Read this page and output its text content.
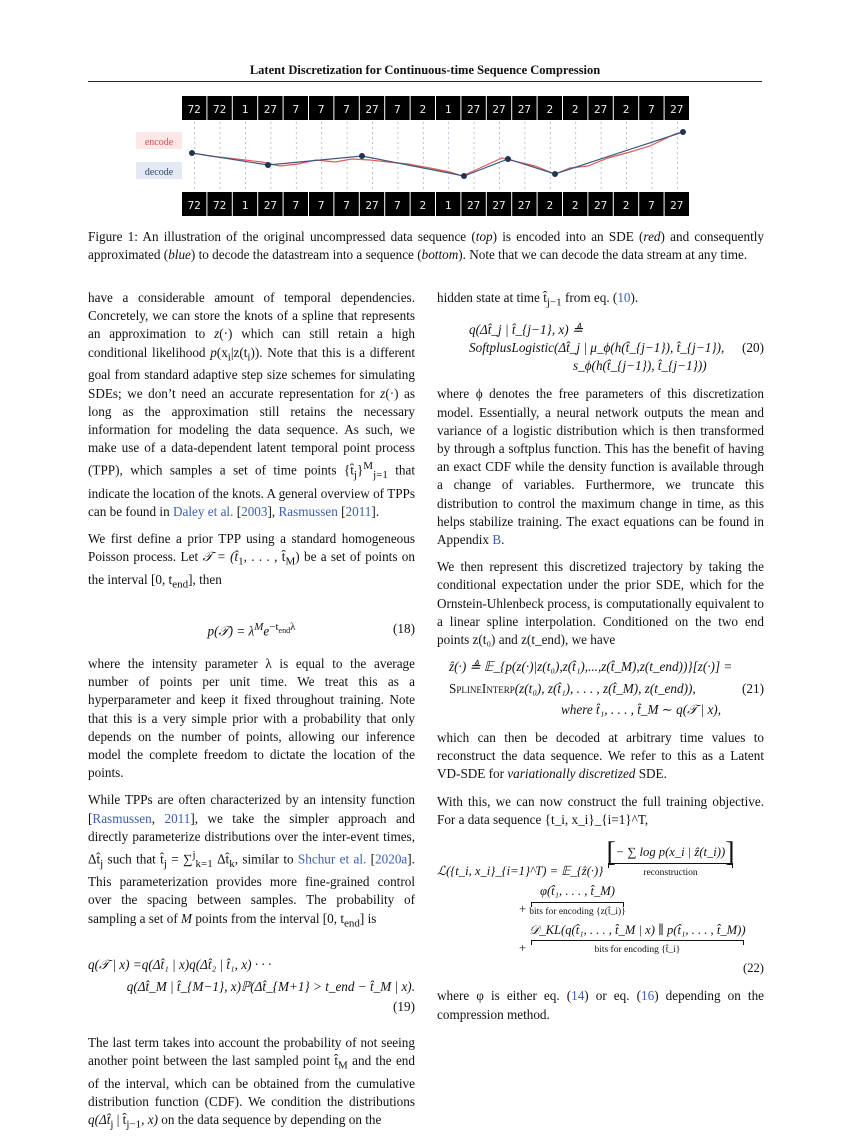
Latent Discretization for Continuous-time Sequence Compression
72 72 1 27 7 7 7 27 7 2 1 27 27 27 2 2 27 2 7 27
72 72 1 27 7 7 7 27 7 2 1 27 27 27 2 2 27 2 7 27
encode
decode
Figure 1: An illustration of the original uncompressed data sequence (top) is encoded into an SDE (red) and consequently approximated (blue) to decode the datastream into a sequence (bottom). Note that we can decode the data stream at any time.

have a considerable amount of temporal dependencies. Concretely, we can store the knots of a spline that represents an approximation to z(·) which can still retain a high conditional likelihood $p(x_i|z(t_i))$. Note that this is a different goal from standard adaptive step size schemes for simulating SDEs; we don’t need an accurate representation for z(·) as long as the approximation still retains the necessary information for modeling the data sequence. As such, we make use of a data-dependent latent temporal point process (TPP), which samples a set of time points $\{t̂_j\}^M_{j=1}$ that indicate the location of the knots. A general overview of TPPs can be found in Daley et al. [2003], Rasmussen [2011].

We first define a prior TPP using a standard homogeneous Poisson process. Let 𝒯 = ($t̂_1$, . . . , $t̂_M$) be a set of points on the interval [0, $t_{end}$], then

p(𝒯) = $\lambda^Me^{-t_{end}\lambda}$	(18)

where the intensity parameter λ is equal to the average number of points per unit time. We treat this as a hyperparameter and keep it fixed throughout training. Note that this is a very simple prior with a probability that only depends on the number of points, allowing our inference model the complete freedom to dictate the location of the points.

While TPPs are often characterized by an intensity function [Rasmussen, 2011], we take the simpler approach and directly parameterize distributions over the inter-event times, $\Delta t̂_j$ such that $t̂_j = \sum^j_{k=1}$ $\Delta t̂_k$, similar to Shchur et al. [2020a]. This parameterization provides more fine-grained control over the spacing between samples. The probability of sampling a set of M points from the interval [0, $t_{end}$] is

q(𝒯 | x) =q(Δt̂₁ | x)q(Δt̂₂ | t̂₁, x) · · ·
q(Δt̂_M | t̂_{M−1}, x)ℙ(Δt̂_{M+1} > t_end − t̂_M | x).
(19)

The last term takes into account the probability of not seeing another point between the last sampled point $t̂_M$ and the end of the interval, which can be obtained from the cumulative distribution function (CDF). We condition the distributions $q(\Delta t̂_j$ | $t̂_{j-1}$, x) on the data sequence by depending on the

hidden state at time $t̂_{j-1}$ from eq. (10).

q(Δt̂_j | t̂_{j−1}, x) ≜
SoftplusLogistic(Δt̂_j | μ_ϕ(h(t̂_{j−1}), t̂_{j−1}),
s_ϕ(h(t̂_{j−1}), t̂_{j−1}))
(20)

where ϕ denotes the free parameters of this discretization model. Essentially, a neural network outputs the mean and variance of a logistic distribution which is then transformed by through a softplus function. This has the benefit of having an exact CDF while the density function is available through a change of variables. Furthermore, we truncate this distribution to control the maximum change in time, as this helps stabilize training. The exact equations can be found in Appendix B.

We then represent this discretized trajectory by taking the conditional expectation under the prior SDE, which for the Ornstein-Uhlenbeck process, is computationally equivalent to a linear spline interpolation. Conditioned on the two end points z(t₀) and z(t_end), we have

ẑ(·) ≜ 𝔼_{p(z(·)|z(t₀),z(t̂₁),...,z(t̂_M),z(t_end))}[z(·)] =
SplineInterp(z(t₀), z(t̂₁), . . . , z(t̂_M), z(t_end)),
where t̂₁, . . . , t̂_M ∼ q(𝒯 | x),
(21)

which can then be decoded at arbitrary time values to reconstruct the data sequence. We refer to this as a Latent VD-SDE for variationally discretized SDE.

With this, we can now construct the full training objective. For a data sequence {t_i, x_i}_{i=1}^T,

ℒ({t_i, x_i}_{i=1}^T) = 𝔼_{ẑ(·)} [− ∑ log p(x_i | ẑ(t_i))]
reconstruction
+ φ(t̂₁, . . . , t̂_M)
bits for encoding {z(t̂_i)}
+ 𝒟_KL(q(t̂₁, . . . , t̂_M | x) ∥ p(t̂₁, . . . , t̂_M))
bits for encoding {t̂_i}
(22)

where φ is either eq. (14) or eq. (16) depending on the compression method.
